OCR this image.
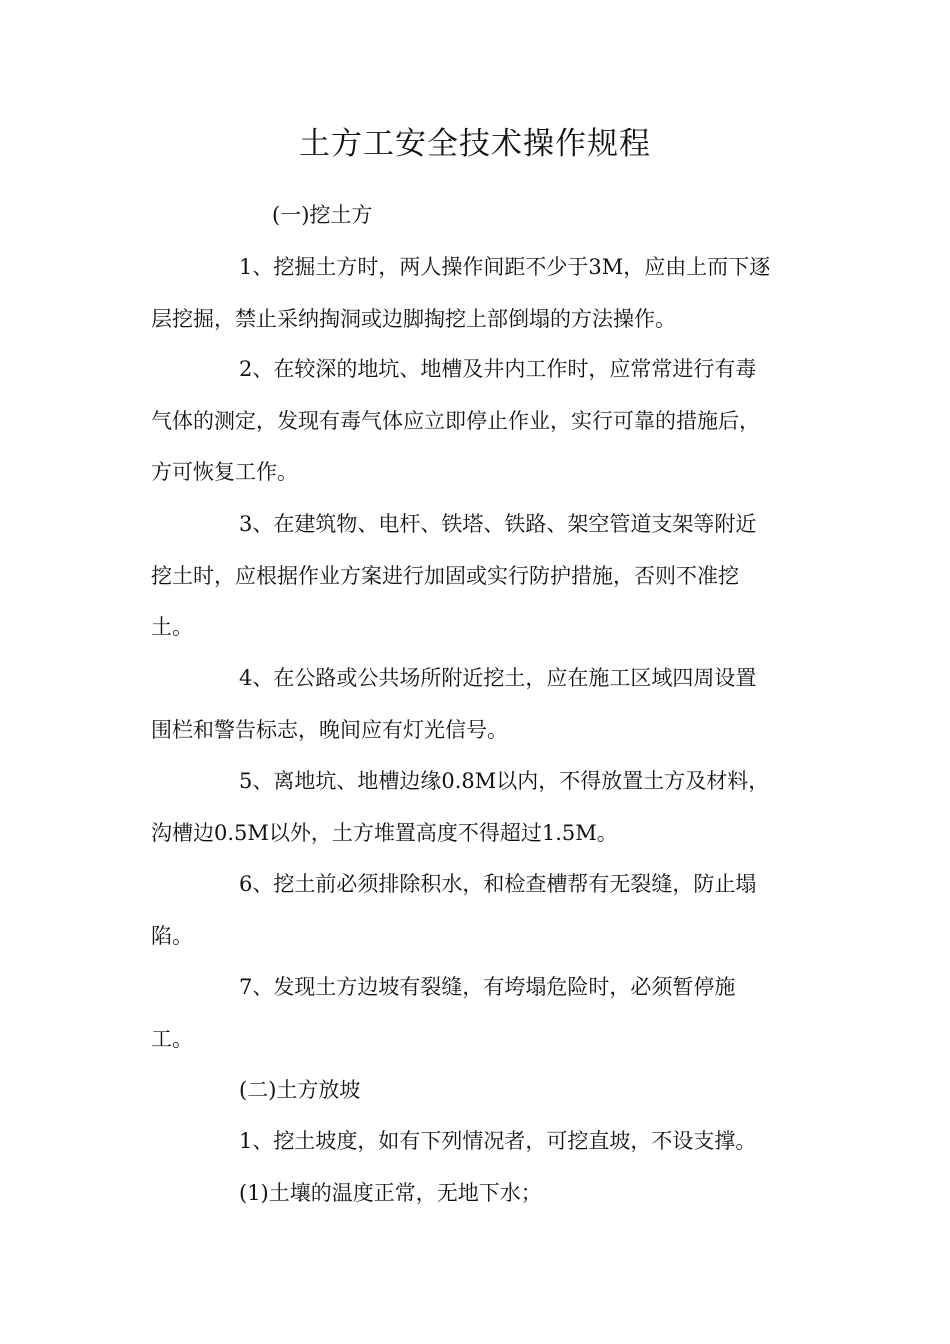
土方工安全技术操作规程
(一)挖土方
1、挖掘土方时，两人操作间距不少于3M，应由上而下逐
层挖掘，禁止采纳掏洞或边脚掏挖上部倒塌的方法操作。
2、在较深的地坑、地槽及井内工作时，应常常进行有毒
气体的测定，发现有毒气体应立即停止作业，实行可靠的措施后，
方可恢复工作。
3、在建筑物、电杆、铁塔、铁路、架空管道支架等附近
挖土时，应根据作业方案进行加固或实行防护措施，否则不准挖
土。
4、在公路或公共场所附近挖土，应在施工区域四周设置
围栏和警告标志，晚间应有灯光信号。
5、离地坑、地槽边缘0.8M以内，不得放置土方及材料，
沟槽边0.5M以外，土方堆置高度不得超过1.5M。
6、挖土前必须排除积水，和检查槽帮有无裂缝，防止塌
陷。
7、发现土方边坡有裂缝，有垮塌危险时，必须暂停施
工。
(二)土方放坡
1、挖土坡度，如有下列情况者，可挖直坡，不设支撑。
(1)土壤的温度正常，无地下水；
